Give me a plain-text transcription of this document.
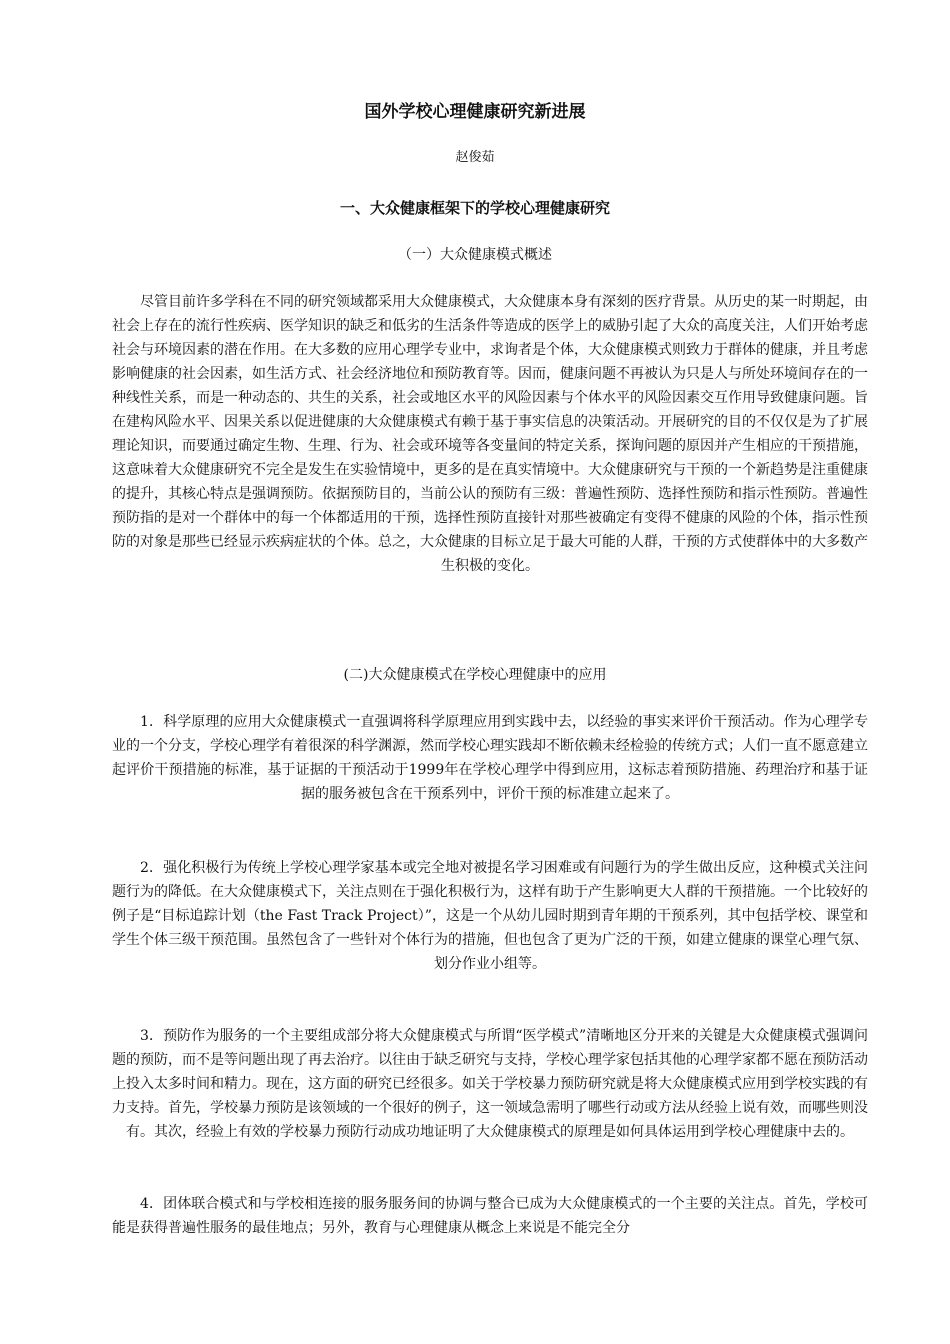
国外学校心理健康研究新进展
赵俊茹
一、大众健康框架下的学校心理健康研究
（一）大众健康模式概述

尽管目前许多学科在不同的研究领域都采用大众健康模式，大众健康本身有深刻的医疗背景。从历史的某一时期起，由社会上存在的流行性疾病、医学知识的缺乏和低劣的生活条件等造成的医学上的威胁引起了大众的高度关注，人们开始考虑社会与环境因素的潜在作用。在大多数的应用心理学专业中，求询者是个体，大众健康模式则致力于群体的健康，并且考虑影响健康的社会因素，如生活方式、社会经济地位和预防教育等。因而，健康问题不再被认为只是人与所处环境间存在的一种线性关系，而是一种动态的、共生的关系，社会或地区水平的风险因素与个体水平的风险因素交互作用导致健康问题。旨在建构风险水平、因果关系以促进健康的大众健康模式有赖于基于事实信息的决策活动。开展研究的目的不仅仅是为了扩展理论知识，而要通过确定生物、生理、行为、社会或环境等各变量间的特定关系，探询问题的原因并产生相应的干预措施，这意味着大众健康研究不完全是发生在实验情境中，更多的是在真实情境中。大众健康研究与干预的一个新趋势是注重健康的提升，其核心特点是强调预防。依据预防目的，当前公认的预防有三级：普遍性预防、选择性预防和指示性预防。普遍性预防指的是对一个群体中的每一个体都适用的干预，选择性预防直接针对那些被确定有变得不健康的风险的个体，指示性预防的对象是那些已经显示疾病症状的个体。总之，大众健康的目标立足于最大可能的人群，干预的方式使群体中的大多数产生积极的变化。

(二)大众健康模式在学校心理健康中的应用

1．科学原理的应用大众健康模式一直强调将科学原理应用到实践中去，以经验的事实来评价干预活动。作为心理学专业的一个分支，学校心理学有着很深的科学渊源，然而学校心理实践却不断依赖未经检验的传统方式；人们一直不愿意建立起评价干预措施的标准，基于证据的干预活动于1999年在学校心理学中得到应用，这标志着预防措施、药理治疗和基于证据的服务被包含在干预系列中，评价干预的标准建立起来了。

2．强化积极行为传统上学校心理学家基本或完全地对被提名学习困难或有问题行为的学生做出反应，这种模式关注问题行为的降低。在大众健康模式下，关注点则在于强化积极行为，这样有助于产生影响更大人群的干预措施。一个比较好的例子是“目标追踪计划（the Fast Track Project）”，这是一个从幼儿园时期到青年期的干预系列，其中包括学校、课堂和学生个体三级干预范围。虽然包含了一些针对个体行为的措施，但也包含了更为广泛的干预，如建立健康的课堂心理气氛、划分作业小组等。

3．预防作为服务的一个主要组成部分将大众健康模式与所谓“医学模式”清晰地区分开来的关键是大众健康模式强调问题的预防，而不是等问题出现了再去治疗。以往由于缺乏研究与支持，学校心理学家包括其他的心理学家都不愿在预防活动上投入太多时间和精力。现在，这方面的研究已经很多。如关于学校暴力预防研究就是将大众健康模式应用到学校实践的有力支持。首先，学校暴力预防是该领域的一个很好的例子，这一领域急需明了哪些行动或方法从经验上说有效，而哪些则没有。其次，经验上有效的学校暴力预防行动成功地证明了大众健康模式的原理是如何具体运用到学校心理健康中去的。

4．团体联合模式和与学校相连接的服务服务间的协调与整合已成为大众健康模式的一个主要的关注点。首先，学校可能是获得普遍性服务的最佳地点；另外，教育与心理健康从概念上来说是不能完全分
